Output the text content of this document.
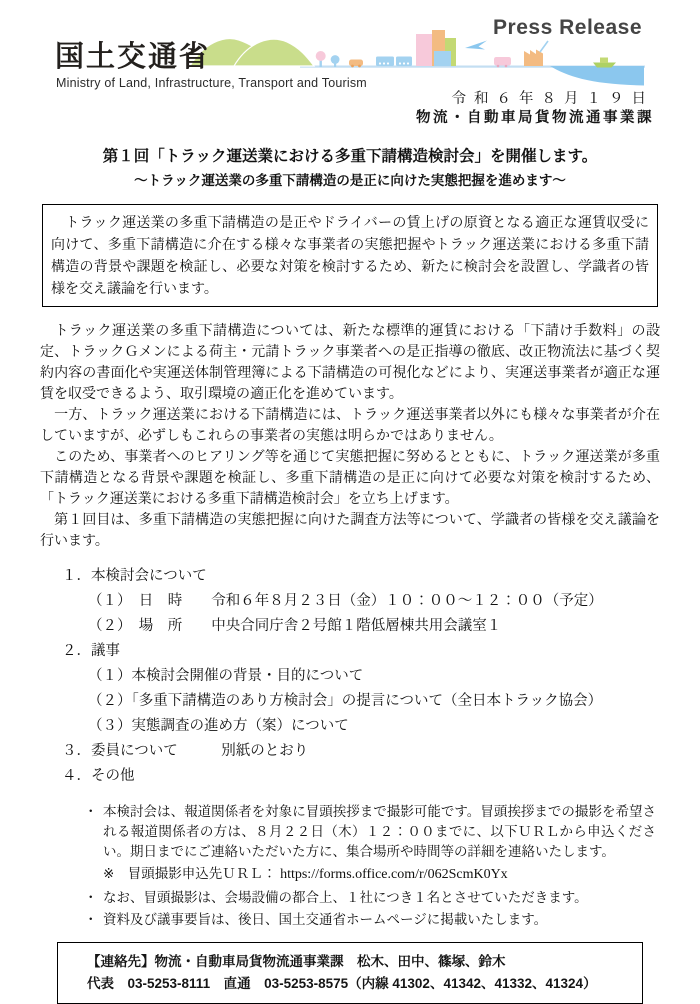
国土交通省
Ministry of Land, Infrastructure, Transport and Tourism
Press Release
令和６年８月１９日
物流・自動車局貨物流通事業課
第１回「トラック運送業における多重下請構造検討会」を開催します。
～トラック運送業の多重下請構造の是正に向けた実態把握を進めます～
　トラック運送業の多重下請構造の是正やドライバーの賃上げの原資となる適正な運賃収受に向けて、多重下請構造に介在する様々な事業者の実態把握やトラック運送業における多重下請構造の背景や課題を検証し、必要な対策を検討するため、新たに検討会を設置し、学識者の皆様を交え議論を行います。

　トラック運送業の多重下請構造については、新たな標準的運賃における「下請け手数料」の設定、トラックＧメンによる荷主・元請トラック事業者への是正指導の徹底、改正物流法に基づく契約内容の書面化や実運送体制管理簿による下請構造の可視化などにより、実運送事業者が適正な運賃を収受できるよう、取引環境の適正化を進めています。

　一方、トラック運送業における下請構造には、トラック運送事業者以外にも様々な事業者が介在していますが、必ずしもこれらの事業者の実態は明らかではありません。

　このため、事業者へのヒアリング等を通じて実態把握に努めるとともに、トラック運送業が多重下請構造となる背景や課題を検証し、多重下請構造の是正に向けて必要な対策を検討するため、「トラック運送業における多重下請構造検討会」を立ち上げます。

　第１回目は、多重下請構造の実態把握に向けた調査方法等について、学識者の皆様を交え議論を行います。

１．本検討会について
（１）　日　時　　令和６年８月２３日（金）１０：００～１２：００（予定）
（２）　場　所　　中央合同庁舎２号館１階低層棟共用会議室１
２．議事
（１）本検討会開催の背景・目的について
（２）「多重下請構造のあり方検討会」の提言について（全日本トラック協会）
（３）実態調査の進め方（案）について
３．委員について　　　別紙のとおり
４．その他
・ 本検討会は、報道関係者を対象に冒頭挨拶まで撮影可能です。冒頭挨拶までの撮影を希望される報道関係者の方は、８月２２日（木）１２：００までに、以下ＵＲＬから申込ください。期日までにご連絡いただいた方に、集合場所や時間等の詳細を連絡いたします。
※　冒頭撮影申込先ＵＲＬ： https://forms.office.com/r/062ScmK0Yx
・ なお、冒頭撮影は、会場設備の都合上、１社につき１名とさせていただきます。
・ 資料及び議事要旨は、後日、国土交通省ホームページに掲載いたします。
【連絡先】物流・自動車局貨物流通事業課　松木、田中、篠塚、鈴木
代表　03-5253-8111　直通　03-5253-8575（内線 41302、41342、41332、41324）
